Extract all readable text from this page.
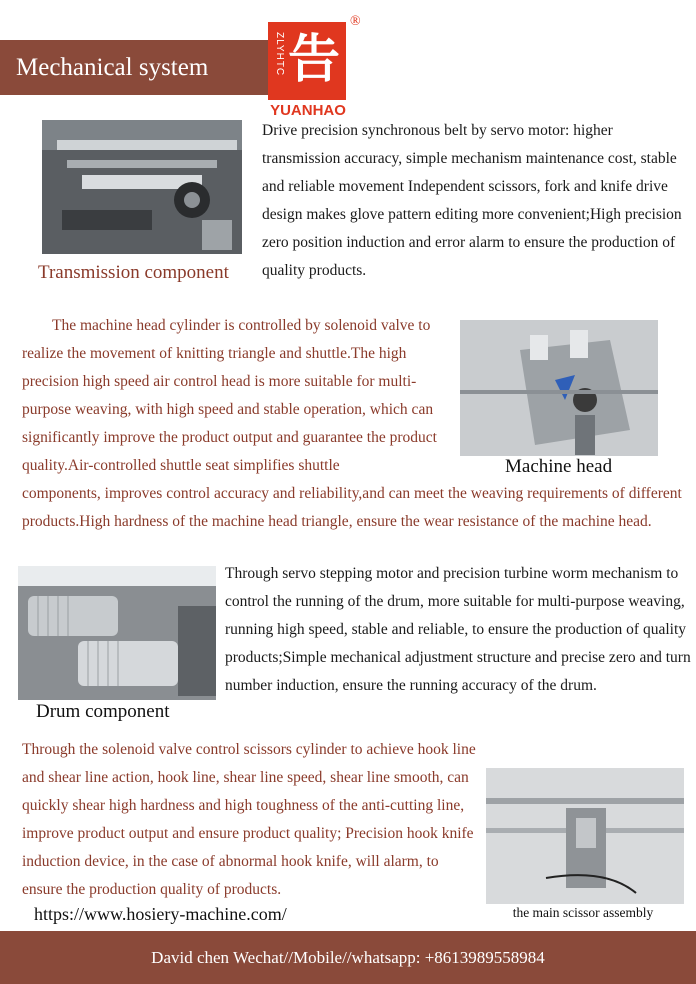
Mechanical system	ZLYHTC 告
®
YUANHAO
Transmission component

Drive precision synchronous belt by servo motor: higher transmission accuracy, simple mechanism maintenance cost, stable and reliable movement Independent scissors, fork and knife drive design makes glove pattern editing more convenient;High precision zero position induction and error alarm to ensure the production of quality products.

The machine head cylinder is controlled by solenoid valve to realize the movement of knitting triangle and shuttle.The high precision high speed air control head is more suitable for multi-purpose weaving, with high speed and stable operation, which can significantly improve the product output and guarantee the product quality.Air-controlled shuttle seat simplifies shuttle	Machine head

components, improves control accuracy and reliability,and can meet the weaving requirements of different products.High hardness of the machine head triangle, ensure the wear resistance of the machine head.

Drum component

Through servo stepping motor and precision turbine worm mechanism to control the running of the drum, more suitable for multi-purpose weaving, running high speed, stable and reliable, to ensure the production of quality products;Simple mechanical adjustment structure and precise zero and turn number induction, ensure the running accuracy of the drum.

Through the solenoid valve control scissors cylinder to achieve hook line and shear line action, hook line, shear line speed, shear line smooth, can quickly shear high hardness and high toughness of the anti-cutting line, improve product output and ensure product quality; Precision hook knife induction device, in the case of abnormal hook knife, will alarm, to ensure the production quality of products.

https://www.hosiery-machine.com/	the main scissor assembly
David chen Wechat//Mobile//whatsapp: +8613989558984
